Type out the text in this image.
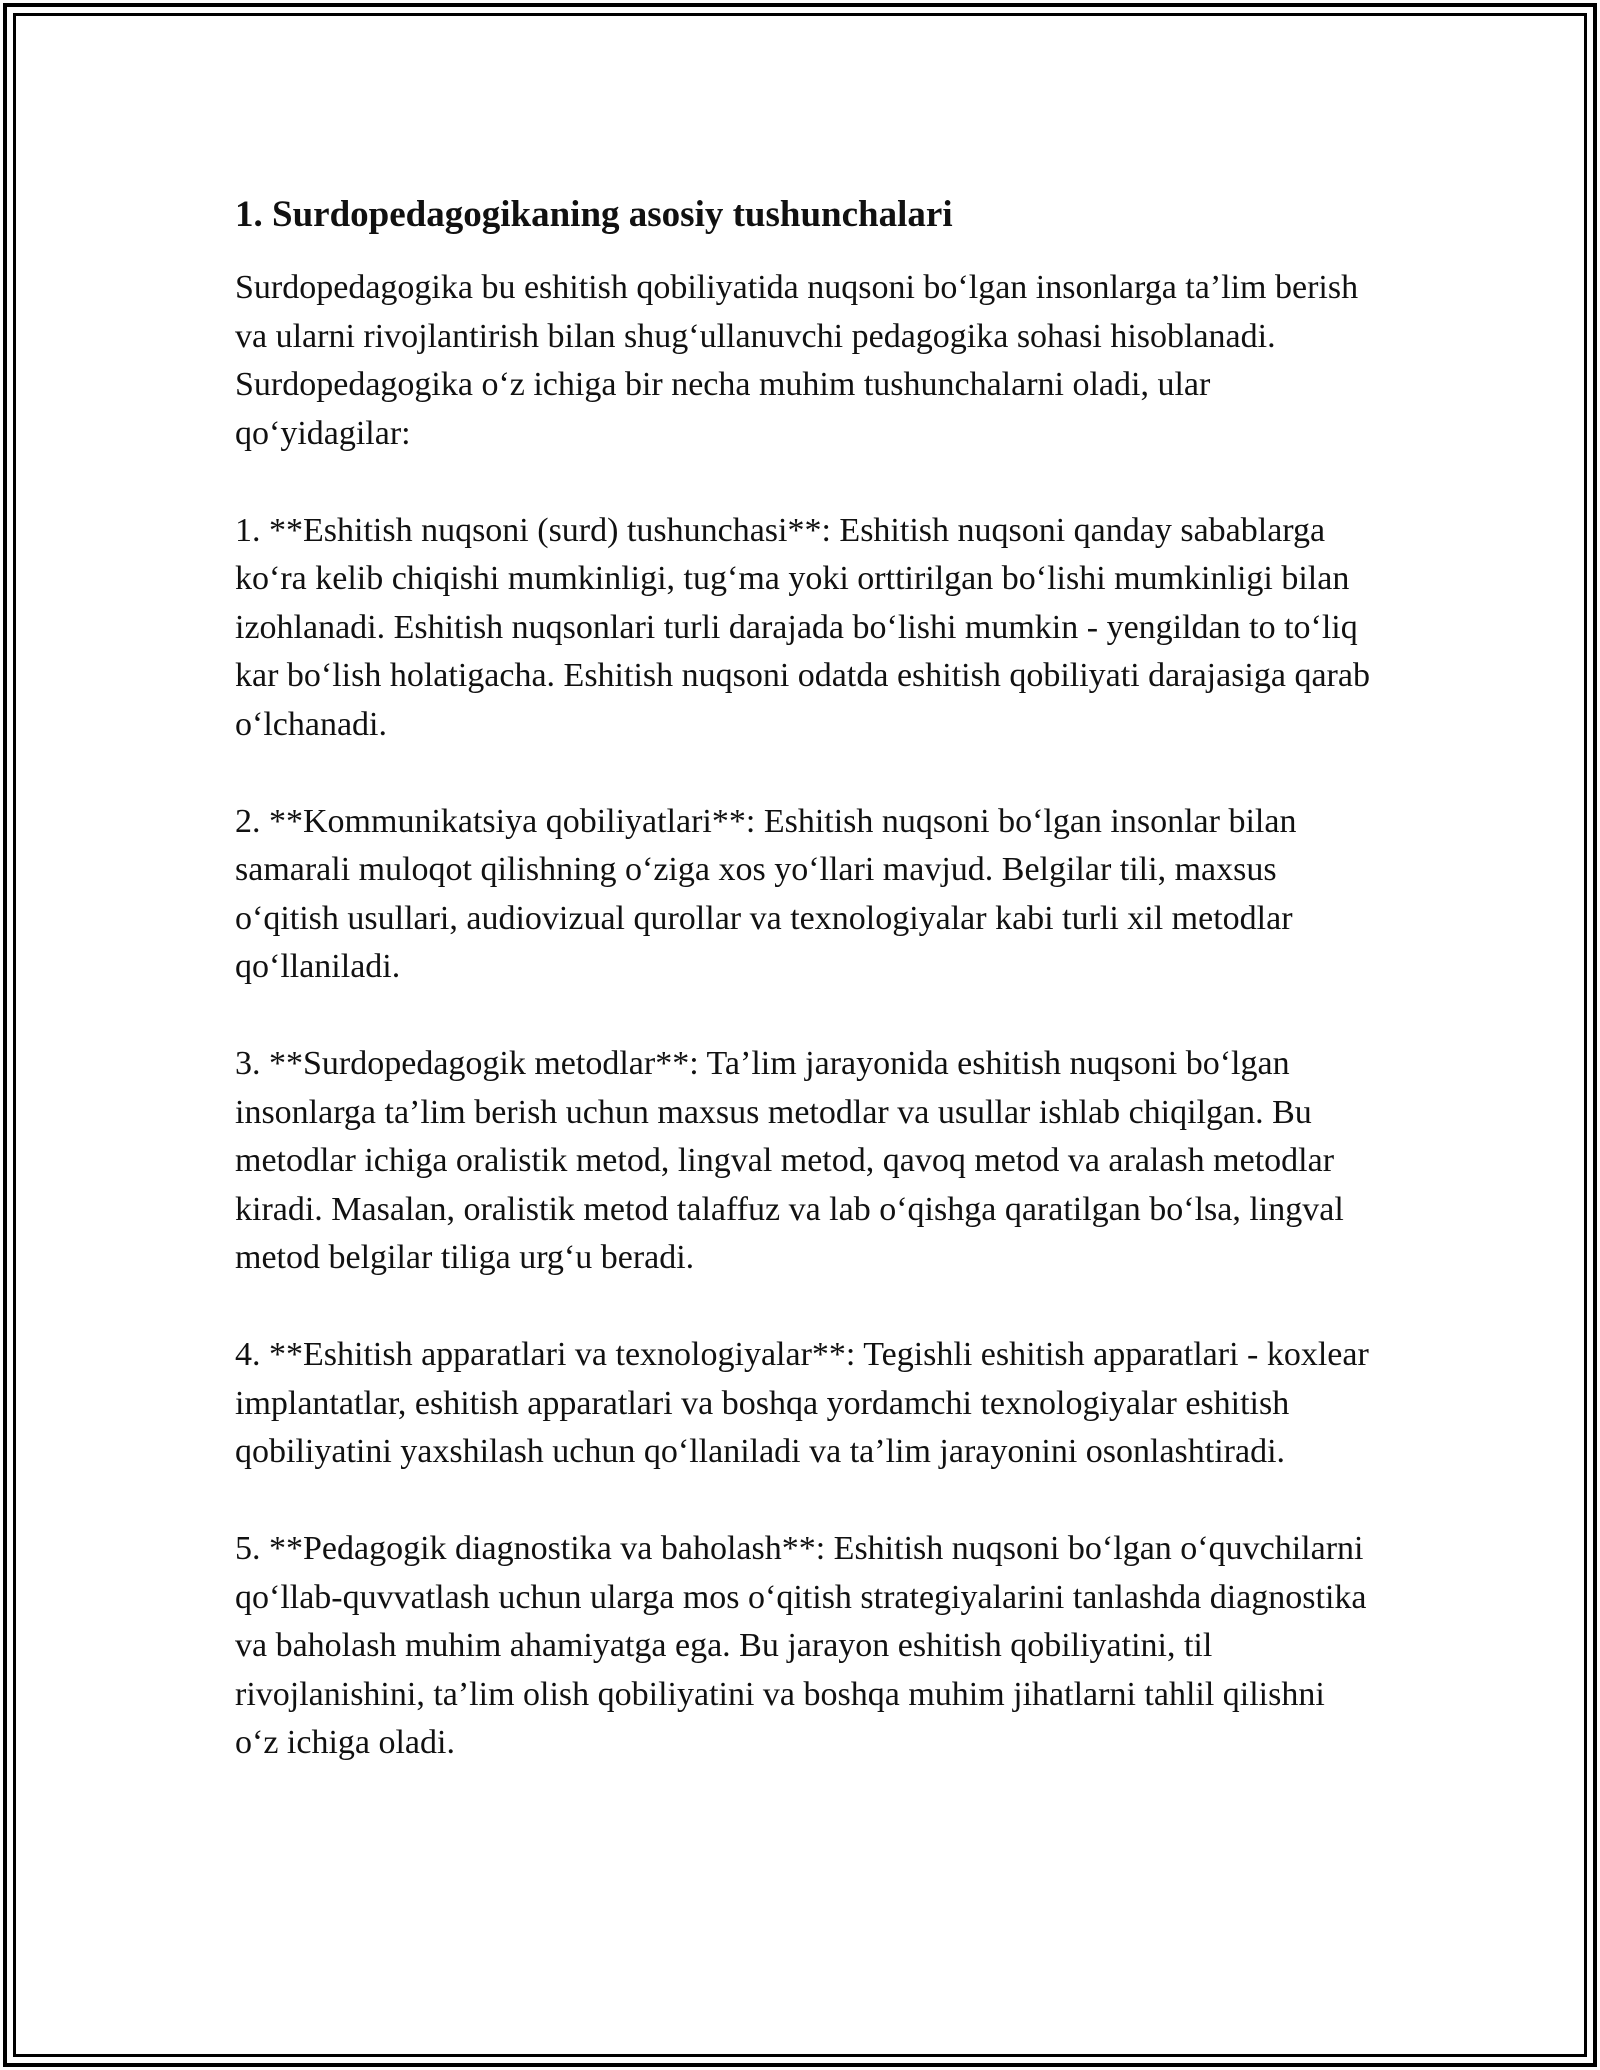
1. Surdopedagogikaning asosiy tushunchalari

Surdopedagogika bu eshitish qobiliyatida nuqsoni boʻlgan insonlarga ta’lim berish va ularni rivojlantirish bilan shugʻullanuvchi pedagogika sohasi hisoblanadi. Surdopedagogika oʻz ichiga bir necha muhim tushunchalarni oladi, ular qoʻyidagilar:

1. **Eshitish nuqsoni (surd) tushunchasi**: Eshitish nuqsoni qanday sabablarga koʻra kelib chiqishi mumkinligi, tugʻma yoki orttirilgan boʻlishi mumkinligi bilan izohlanadi. Eshitish nuqsonlari turli darajada boʻlishi mumkin - yengildan to toʻliq kar boʻlish holatigacha. Eshitish nuqsoni odatda eshitish qobiliyati darajasiga qarab oʻlchanadi.

2. **Kommunikatsiya qobiliyatlari**: Eshitish nuqsoni boʻlgan insonlar bilan samarali muloqot qilishning oʻziga xos yoʻllari mavjud. Belgilar tili, maxsus oʻqitish usullari, audiovizual qurollar va texnologiyalar kabi turli xil metodlar qoʻllaniladi.

3. **Surdopedagogik metodlar**: Ta’lim jarayonida eshitish nuqsoni boʻlgan insonlarga ta’lim berish uchun maxsus metodlar va usullar ishlab chiqilgan. Bu metodlar ichiga oralistik metod, lingval metod, qavoq metod va aralash metodlar kiradi. Masalan, oralistik metod talaffuz va lab oʻqishga qaratilgan boʻlsa, lingval metod belgilar tiliga urgʻu beradi.

4. **Eshitish apparatlari va texnologiyalar**: Tegishli eshitish apparatlari - koxlear implantatlar, eshitish apparatlari va boshqa yordamchi texnologiyalar eshitish qobiliyatini yaxshilash uchun qoʻllaniladi va ta’lim jarayonini osonlashtiradi.

5. **Pedagogik diagnostika va baholash**: Eshitish nuqsoni boʻlgan oʻquvchilarni qoʻllab-quvvatlash uchun ularga mos oʻqitish strategiyalarini tanlashda diagnostika va baholash muhim ahamiyatga ega. Bu jarayon eshitish qobiliyatini, til rivojlanishini, ta’lim olish qobiliyatini va boshqa muhim jihatlarni tahlil qilishni oʻz ichiga oladi.
